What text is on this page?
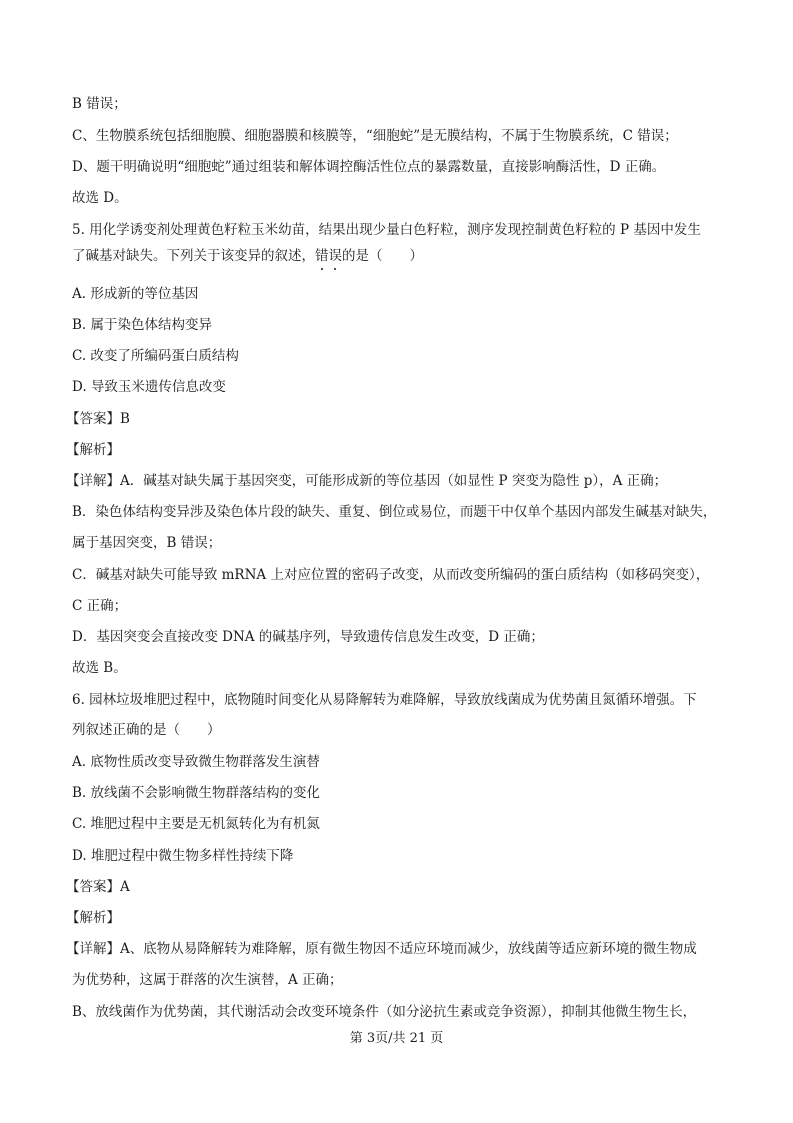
B 错误；
C、生物膜系统包括细胞膜、细胞器膜和核膜等，“细胞蛇”是无膜结构，不属于生物膜系统，C 错误；
D、题干明确说明“细胞蛇”通过组装和解体调控酶活性位点的暴露数量，直接影响酶活性，D 正确。
故选 D。
5. 用化学诱变剂处理黄色籽粒玉米幼苗，结果出现少量白色籽粒，测序发现控制黄色籽粒的 P 基因中发生
了碱基对缺失。下列关于该变异的叙述，错误的是（　　）
A. 形成新的等位基因
B. 属于染色体结构变异
C. 改变了所编码蛋白质结构
D. 导致玉米遗传信息改变
【答案】B
【解析】
【详解】A．碱基对缺失属于基因突变，可能形成新的等位基因（如显性 P 突变为隐性 p），A 正确；
B．染色体结构变异涉及染色体片段的缺失、重复、倒位或易位，而题干中仅单个基因内部发生碱基对缺失，
属于基因突变，B 错误；
C．碱基对缺失可能导致 mRNA 上对应位置的密码子改变，从而改变所编码的蛋白质结构（如移码突变），
C 正确；
D．基因突变会直接改变 DNA 的碱基序列，导致遗传信息发生改变，D 正确；
故选 B。
6. 园林垃圾堆肥过程中，底物随时间变化从易降解转为难降解，导致放线菌成为优势菌且氮循环增强。下
列叙述正确的是（　　）
A. 底物性质改变导致微生物群落发生演替
B. 放线菌不会影响微生物群落结构的变化
C. 堆肥过程中主要是无机氮转化为有机氮
D. 堆肥过程中微生物多样性持续下降
【答案】A
【解析】
【详解】A、底物从易降解转为难降解，原有微生物因不适应环境而减少，放线菌等适应新环境的微生物成
为优势种，这属于群落的次生演替，A 正确；
B、放线菌作为优势菌，其代谢活动会改变环境条件（如分泌抗生素或竞争资源），抑制其他微生物生长，
第 3页/共 21 页
